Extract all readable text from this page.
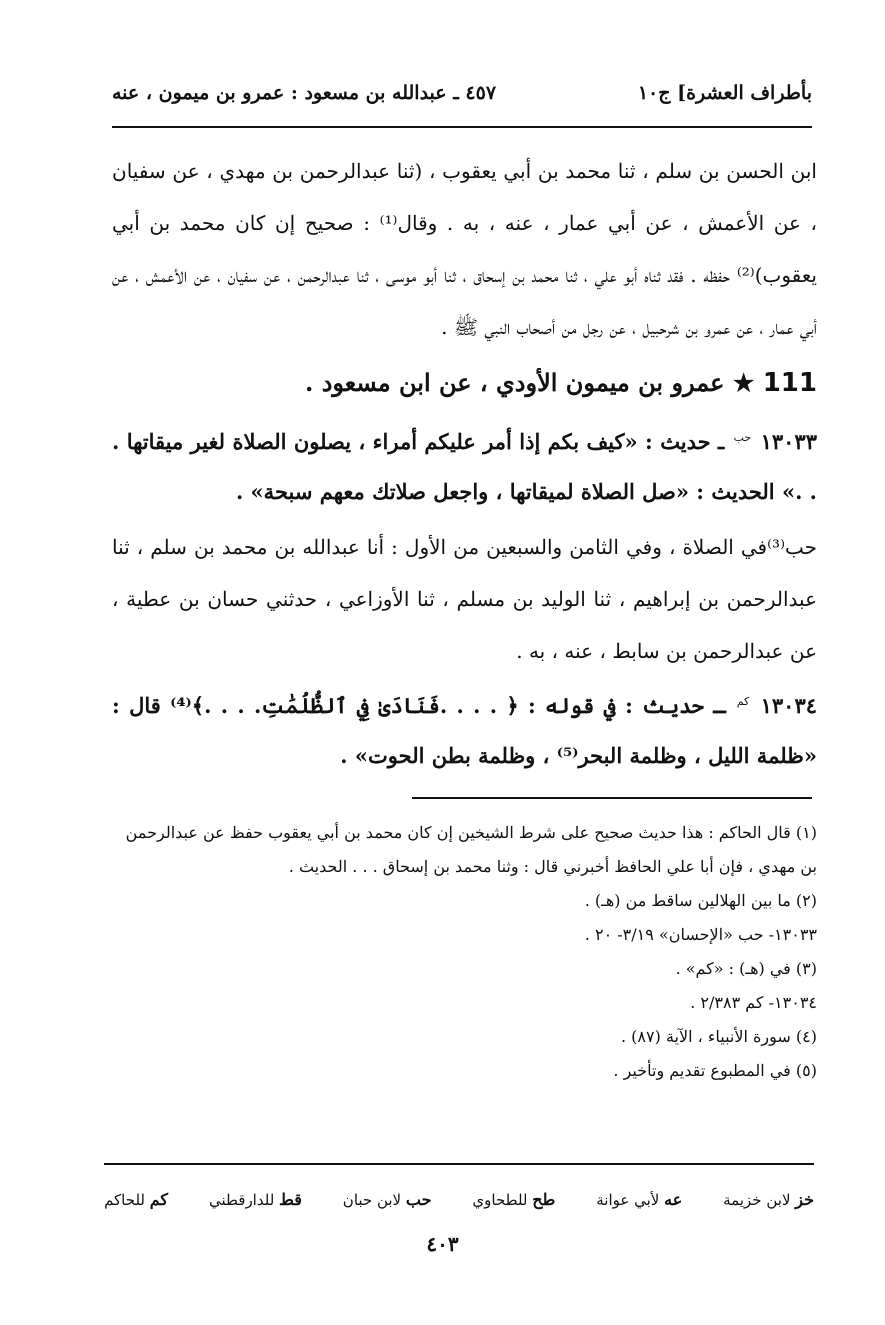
بأطراف العشرة] ج١٠
٤٥٧ ـ عبدالله بن مسعود : عمرو بن ميمون ، عنه

ابن الحسن بن سلم ، ثنا محمد بن أبي يعقوب ، (ثنا عبدالرحمن بن مهدي ، عن سفيان ، عن الأعمش ، عن أبي عمار ، عنه ، به . وقال⁽¹⁾ : صحيح إن كان محمد بن أبي يعقوب)⁽²⁾ حفظه . فقد ثناه أبو علي ، ثنا محمد بن إسحاق ، ثنا أبو موسى ، ثنا عبدالرحمن ، عن سفيان ، عن الأعمش ، عن أبي عمار ، عن عمرو بن شرحبيل ، عن رجل من أصحاب النبي ﷺ .

111 ★ عمرو بن ميمون الأودي ، عن ابن مسعود .

١٣٠٣٣ $^{حب}$ ـ حديث : «كيف بكم إذا أمر عليكم أمراء ، يصلون الصلاة لغير ميقاتها . . .» الحديث : «صل الصلاة لميقاتها ، واجعل صلاتك معهم سبحة» .

حب⁽³⁾في الصلاة ، وفي الثامن والسبعين من الأول : أنا عبدالله بن محمد بن سلم ، ثنا عبدالرحمن بن إبراهيم ، ثنا الوليد بن مسلم ، ثنا الأوزاعي ، حدثني حسان بن عطية ، عن عبدالرحمن بن سابط ، عنه ، به .

١٣٠٣٤ $^{كم}$ ـ حديث : في قوله : ﴿ . . . .فَنَادَىٰ فِي ٱلظُّلُمَٰتِ. . . .﴾⁽⁴⁾ قال : «ظلمة الليل ، وظلمة البحر⁽⁵⁾ ، وظلمة بطن الحوت» .

(١) قال الحاكم : هذا حديث صحيح على شرط الشيخين إن كان محمد بن أبي يعقوب حفظ عن عبدالرحمن بن مهدي ، فإن أبا علي الحافظ أخبرني قال : وثنا محمد بن إسحاق . . . الحديث .

(٢) ما بين الهلالين ساقط من (هـ) .

١٣٠٣٣- حب «الإحسان» ٣/١٩- ٢٠ .

(٣) في (هـ) : «كم» .

١٣٠٣٤- كم ٢/٣٨٣ .

(٤) سورة الأنبياء ، الآية (٨٧) .

(٥) في المطبوع تقديم وتأخير .

خز لابن خزيمة
عه لأبي عوانة
طح للطحاوي
حب لابن حبان
قط للدارقطني
كم للحاكم
٤٠٣
